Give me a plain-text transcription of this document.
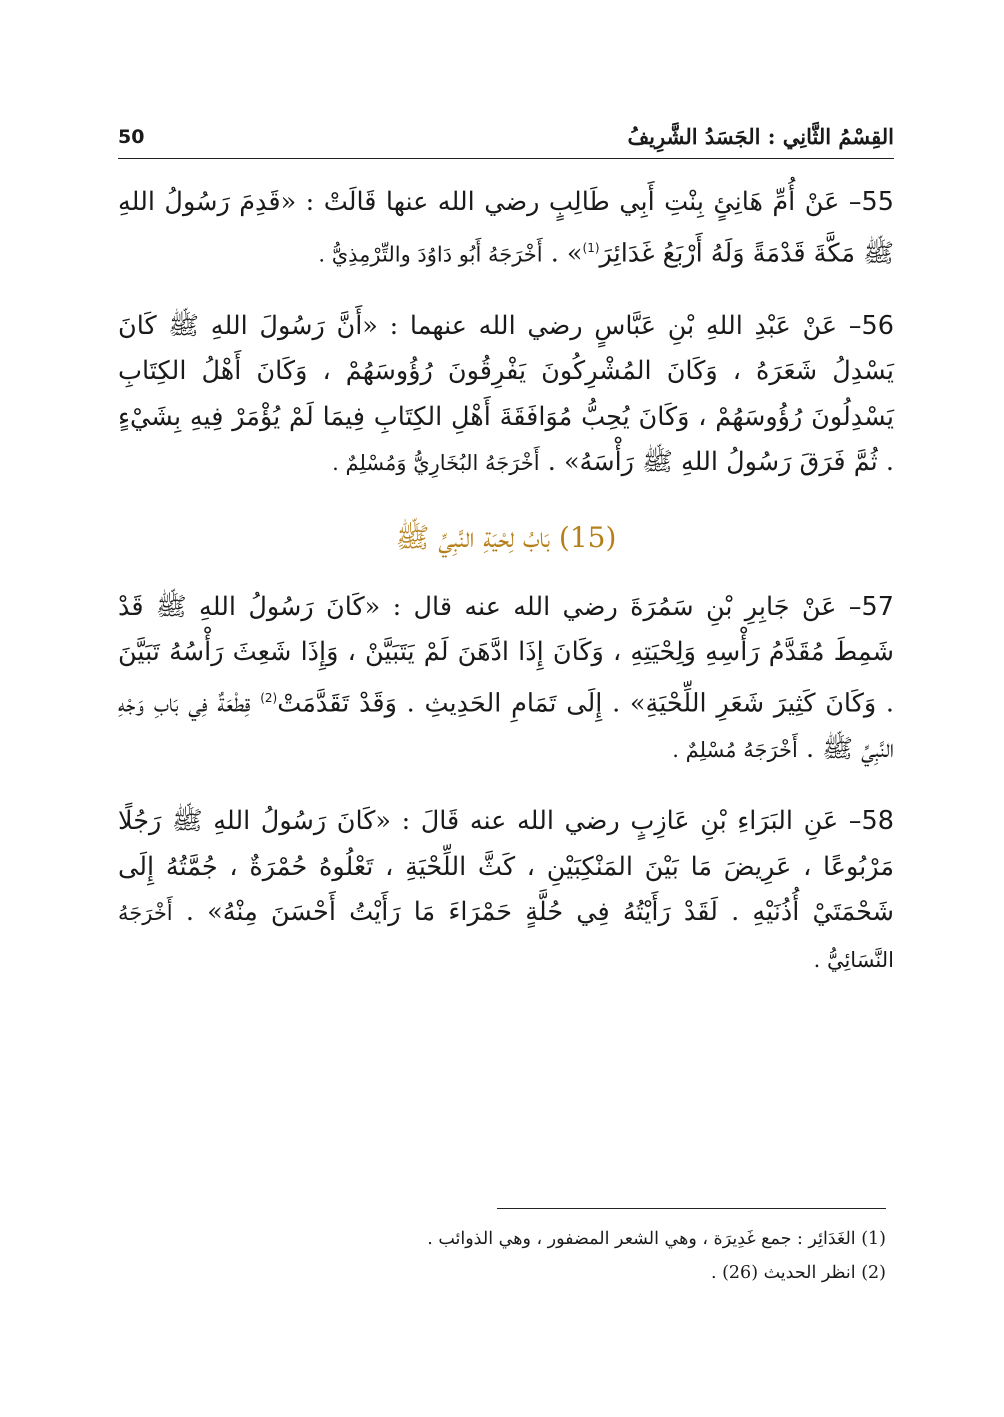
القِسْمُ الثَّانِي : الجَسَدُ الشَّرِيفُ
50

55– عَنْ أُمِّ هَانِئٍ بِنْتِ أَبِي طَالِبٍ رضي الله عنها قَالَتْ : «قَدِمَ رَسُولُ اللهِ ﷺ مَكَّةَ قَدْمَةً وَلَهُ أَرْبَعُ غَدَائِرَ$^{(1)}$» . أَخْرَجَهُ أَبُو دَاوُدَ والتِّرْمِذِيُّ .

56– عَنْ عَبْدِ اللهِ بْنِ عَبَّاسٍ رضي الله عنهما : «أَنَّ رَسُولَ اللهِ ﷺ كَانَ يَسْدِلُ شَعَرَهُ ، وَكَانَ المُشْرِكُونَ يَفْرِقُونَ رُؤُوسَهُمْ ، وَكَانَ أَهْلُ الكِتَابِ يَسْدِلُونَ رُؤُوسَهُمْ ، وَكَانَ يُحِبُّ مُوَافَقَةَ أَهْلِ الكِتَابِ فِيمَا لَمْ يُؤْمَرْ فِيهِ بِشَيْءٍ . ثُمَّ فَرَقَ رَسُولُ اللهِ ﷺ رَأْسَهُ» . أَخْرَجَهُ البُخَارِيُّ وَمُسْلِمٌ .

(15) بَابُ لِحْيَةِ النَّبِيِّ ﷺ

57– عَنْ جَابِرِ بْنِ سَمُرَةَ رضي الله عنه قال : «كَانَ رَسُولُ اللهِ ﷺ قَدْ شَمِطَ مُقَدَّمُ رَأْسِهِ وَلِحْيَتِهِ ، وَكَانَ إِذَا ادَّهَنَ لَمْ يَتَبَيَّنْ ، وَإِذَا شَعِثَ رَأْسُهُ تَبَيَّنَ . وَكَانَ كَثِيرَ شَعَرِ اللِّحْيَةِ» . إِلَى تَمَامِ الحَدِيثِ . وَقَدْ تَقَدَّمَتْ$^{(2)}$ قِطْعَةٌ فِي بَابِ وَجْهِ النَّبِيِّ ﷺ . أَخْرَجَهُ مُسْلِمٌ .

58– عَنِ البَرَاءِ بْنِ عَازِبٍ رضي الله عنه قَالَ : «كَانَ رَسُولُ اللهِ ﷺ رَجُلًا مَرْبُوعًا ، عَرِيضَ مَا بَيْنَ المَنْكِبَيْنِ ، كَثَّ اللِّحْيَةِ ، تَعْلُوهُ حُمْرَةٌ ، جُمَّتُهُ إِلَى شَحْمَتَيْ أُذُنَيْهِ . لَقَدْ رَأَيْتُهُ فِي حُلَّةٍ حَمْرَاءَ مَا رَأَيْتُ أَحْسَنَ مِنْهُ» . أَخْرَجَهُ النَّسَائِيُّ .

(1) الغَدَائِر : جمع غَدِيرَة ، وهي الشعر المضفور ، وهي الذوائب .
(2) انظر الحديث (26) .
